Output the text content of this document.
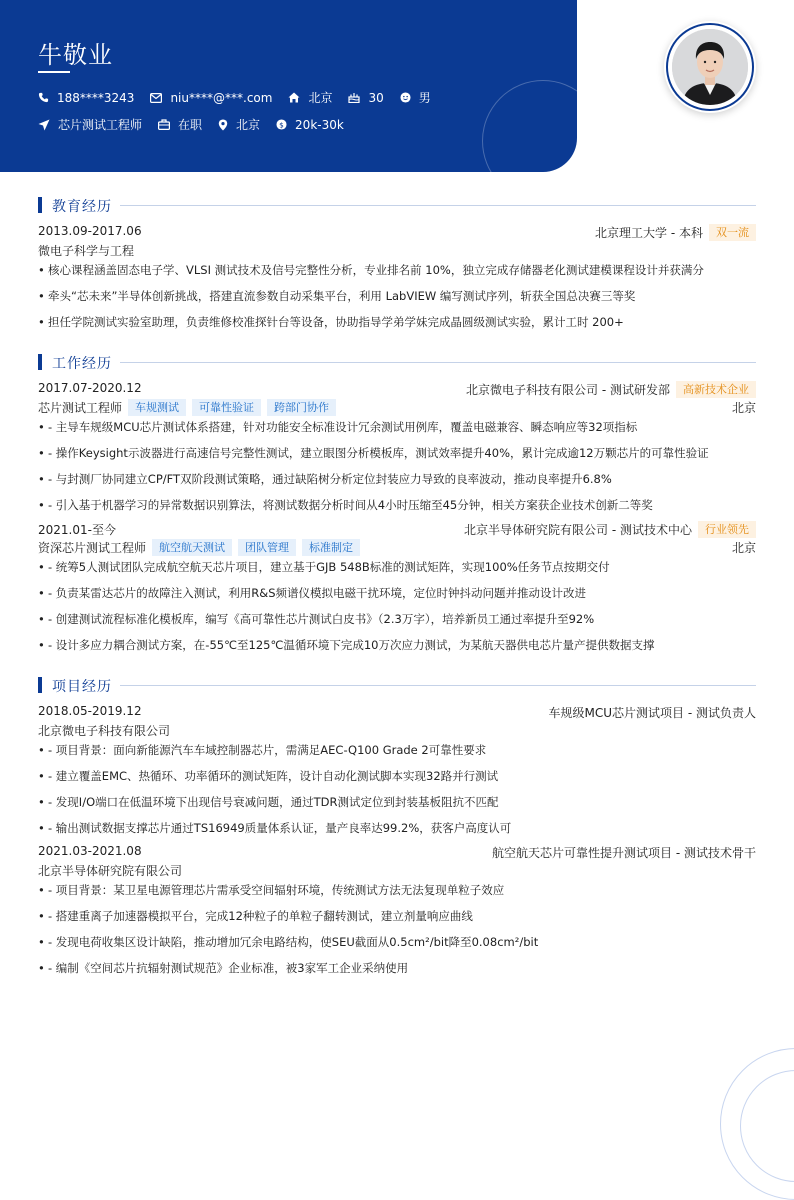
牛敬业
188****3243	niu****@***.com	北京	30	男
芯片测试工程师	在职	北京 $ 20k-30k
教育经历
2013.09-2017.06	北京理工大学 - 本科	双一流
微电子科学与工程
• 核心课程涵盖固态电子学、VLSI 测试技术及信号完整性分析，专业排名前 10%，独立完成存储器老化测试建模课程设计并获满分
• 牵头“芯未来”半导体创新挑战，搭建直流参数自动采集平台，利用 LabVIEW 编写测试序列，斩获全国总决赛三等奖
• 担任学院测试实验室助理，负责维修校准探针台等设备，协助指导学弟学妹完成晶圆级测试实验，累计工时 200+
工作经历
2017.07-2020.12	北京微电子科技有限公司 - 测试研发部	高新技术企业
芯片测试工程师	车规测试	可靠性验证	跨部门协作	北京
• - 主导车规级MCU芯片测试体系搭建，针对功能安全标准设计冗余测试用例库，覆盖电磁兼容、瞬态响应等32项指标
• - 操作Keysight示波器进行高速信号完整性测试，建立眼图分析模板库，测试效率提升40%，累计完成逾12万颗芯片的可靠性验证
• - 与封测厂协同建立CP/FT双阶段测试策略，通过缺陷树分析定位封装应力导致的良率波动，推动良率提升6.8%
• - 引入基于机器学习的异常数据识别算法，将测试数据分析时间从4小时压缩至45分钟，相关方案获企业技术创新二等奖
2021.01-至今	北京半导体研究院有限公司 - 测试技术中心	行业领先
资深芯片测试工程师	航空航天测试	团队管理	标准制定	北京
• - 统筹5人测试团队完成航空航天芯片项目，建立基于GJB 548B标准的测试矩阵，实现100%任务节点按期交付
• - 负责某雷达芯片的故障注入测试，利用R&S频谱仪模拟电磁干扰环境，定位时钟抖动问题并推动设计改进
• - 创建测试流程标准化模板库，编写《高可靠性芯片测试白皮书》（2.3万字），培养新员工通过率提升至92%
• - 设计多应力耦合测试方案，在-55℃至125℃温循环境下完成10万次应力测试，为某航天器供电芯片量产提供数据支撑
项目经历
2018.05-2019.12	车规级MCU芯片测试项目 - 测试负责人
北京微电子科技有限公司
• - 项目背景：面向新能源汽车车域控制器芯片，需满足AEC-Q100 Grade 2可靠性要求
• - 建立覆盖EMC、热循环、功率循环的测试矩阵，设计自动化测试脚本实现32路并行测试
• - 发现I/O端口在低温环境下出现信号衰减问题，通过TDR测试定位到封装基板阻抗不匹配
• - 输出测试数据支撑芯片通过TS16949质量体系认证，量产良率达99.2%，获客户高度认可
2021.03-2021.08	航空航天芯片可靠性提升测试项目 - 测试技术骨干
北京半导体研究院有限公司
• - 项目背景：某卫星电源管理芯片需承受空间辐射环境，传统测试方法无法复现单粒子效应
• - 搭建重离子加速器模拟平台，完成12种粒子的单粒子翻转测试，建立剂量响应曲线
• - 发现电荷收集区设计缺陷，推动增加冗余电路结构，使SEU截面从0.5cm²/bit降至0.08cm²/bit
• - 编制《空间芯片抗辐射测试规范》企业标准，被3家军工企业采纳使用
